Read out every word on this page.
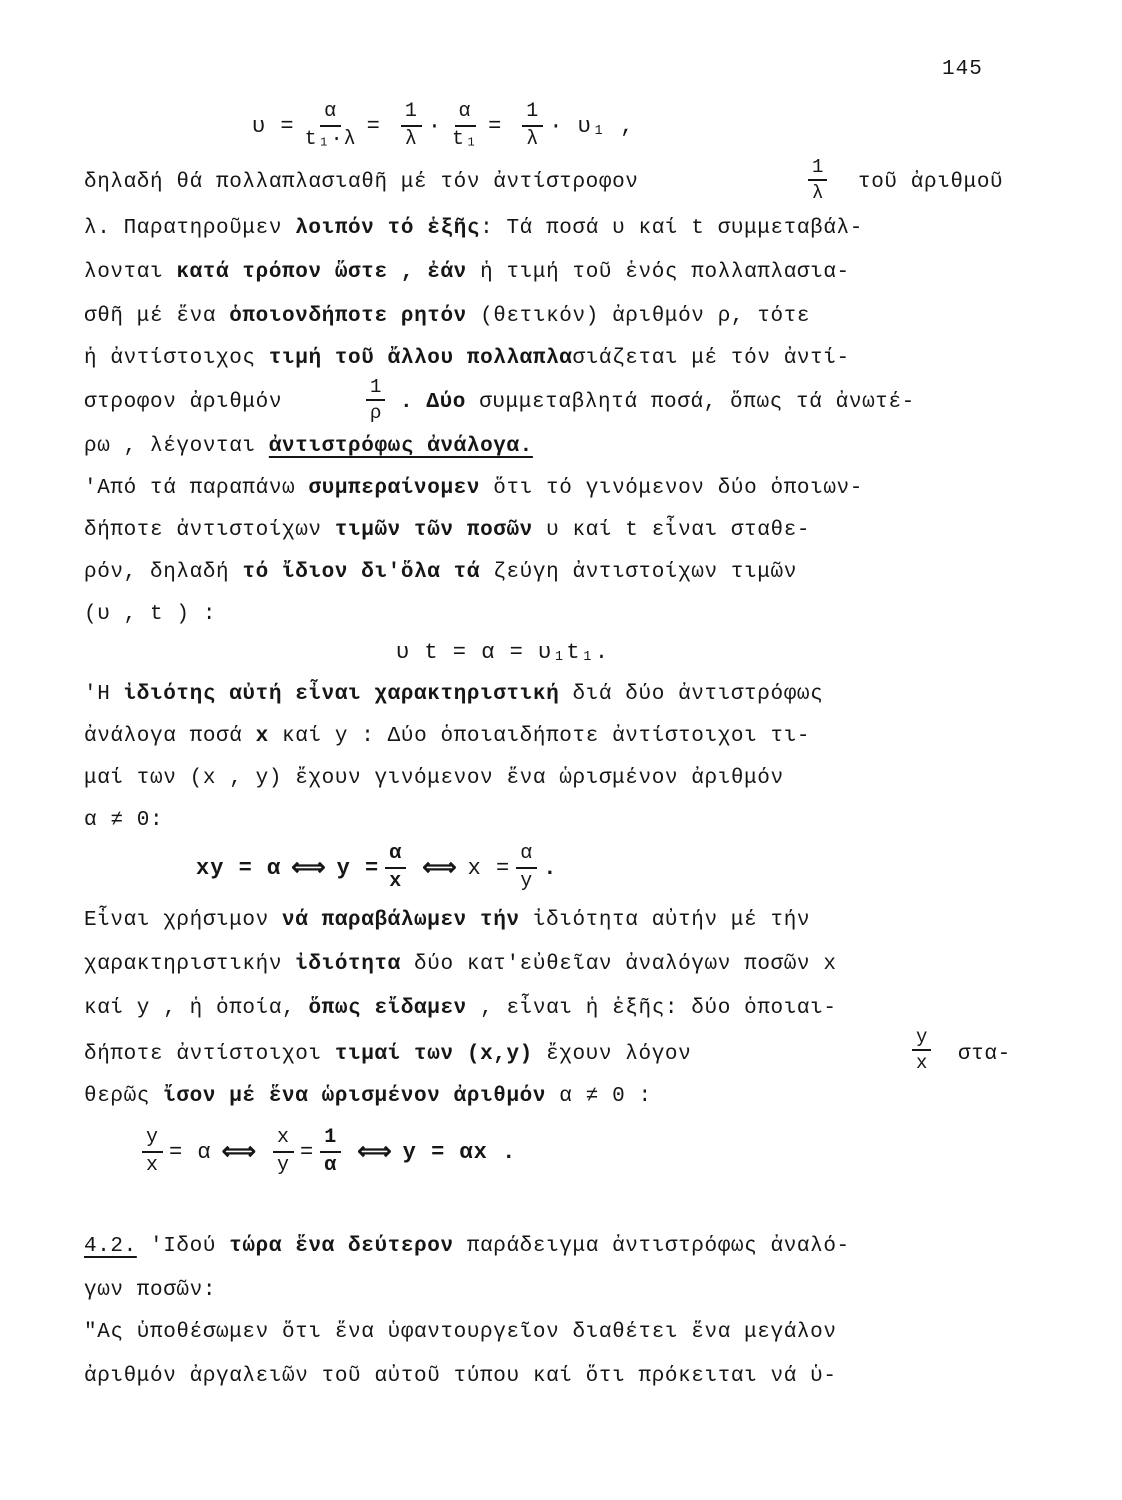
145
$\upsilon = \frac{\alpha}{\text{t₁·λ}} = \frac{1}{\lambda} \cdot \frac{\alpha}{\text{t₁}} = \frac{1}{\lambda} \cdot \upsilon_1$ ,
δηλαδή θά πολλαπλασιαθῆ μέ τόν ἀντίστροφον	$\frac{1}{\lambda}$ τοῦ ἀριθμοῦ
λ. Παρατηροῦμεν λοιπόν τό ἑξῆς: Τά ποσά υ καί t συμμεταβάλ-
λονται κατά τρόπον ὥστε , ἐάν ἡ τιμή τοῦ ἑνός πολλαπλασια-
σθῆ μέ ἕνα ὁποιονδήποτε ρητόν (θετικόν) ἀριθμόν ρ, τότε
ἡ ἀντίστοιχος τιμή τοῦ ἄλλου πολλαπλασιάζεται μέ τόν ἀντί-
στροφον ἀριθμόν	$\frac{1}{\rho}$ . Δύο συμμεταβλητά ποσά, ὅπως τά ἀνωτέ-
ρω , λέγονται ἀντιστρόφως ἀνάλογα.
'Από τά παραπάνω συμπεραίνομεν ὅτι τό γινόμενον δύο ὁποιων-
δήποτε ἀντιστοίχων τιμῶν τῶν ποσῶν υ καί t εἶναι σταθε-
ρόν, δηλαδή τό ἴδιον δι'ὅλα τά ζεύγη ἀντιστοίχων τιμῶν
(υ , t ) :
υ t = α = υ₁t₁.
'Η ἰδιότης αὐτή εἶναι χαρακτηριστική διά δύο ἀντιστρόφως
ἀνάλογα ποσά x καί y : Δύο ὁποιαιδήποτε ἀντίστοιχοι τι-
μαί των (x , y) ἔχουν γινόμενον ἕνα ὡρισμένον ἀριθμόν
α ≠ 0:
xy = α ⟺ $y = \frac{\alpha}{x}$ ⟺ $x = \frac{\alpha}{y}$ .
Εἶναι χρήσιμον νά παραβάλωμεν τήν ἰδιότητα αὐτήν μέ τήν
χαρακτηριστικήν ἰδιότητα δύο κατ'εὐθεῖαν ἀναλόγων ποσῶν x
καί y , ἡ ὁποία, ὅπως εἴδαμεν , εἶναι ἡ ἑξῆς: δύο ὁποιαι-
δήποτε ἀντίστοιχοι τιμαί των (x,y) ἔχουν λόγον	$\frac{y}{x} \sigma\tau\alpha-$
θερῶς ἴσον μέ ἕνα ὡρισμένον ἀριθμόν α ≠ 0 :
$\frac{y}{x} = \alpha$ ⟺ $\frac{x}{y} = \frac{1}{\alpha}$ ⟺ y = αx .
4.2. 'Ιδού τώρα ἕνα δεύτερον παράδειγμα ἀντιστρόφως ἀναλό-
γων ποσῶν:
"Ας ὑποθέσωμεν ὅτι ἕνα ὑφαντουργεῖον διαθέτει ἕνα μεγάλον
ἀριθμόν ἀργαλειῶν τοῦ αὐτοῦ τύπου καί ὅτι πρόκειται νά ὑ-
